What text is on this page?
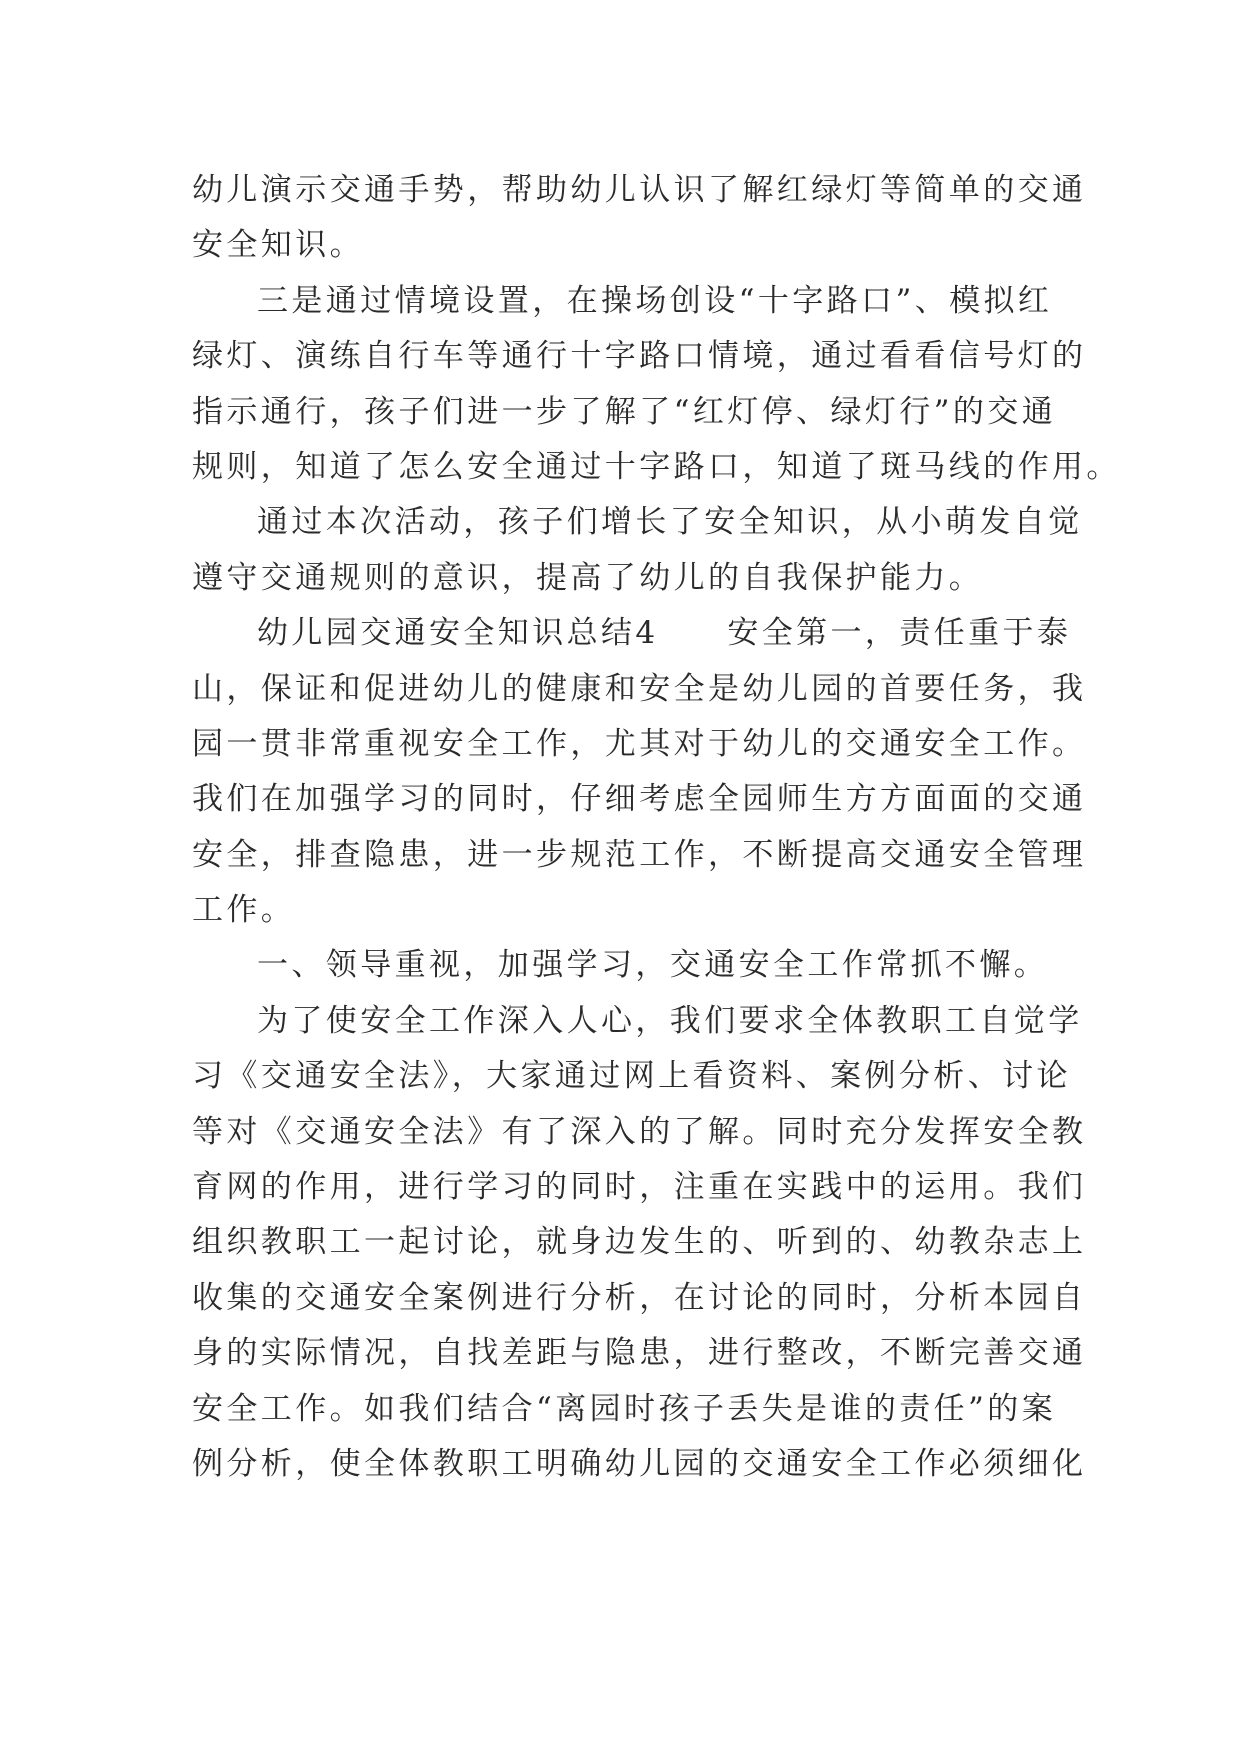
幼儿演示交通手势，帮助幼儿认识了解红绿灯等简单的交通
安全知识。
三是通过情境设置，在操场创设“十字路口”、模拟红
绿灯、演练自行车等通行十字路口情境，通过看看信号灯的
指示通行，孩子们进一步了解了“红灯停、绿灯行”的交通
规则，知道了怎么安全通过十字路口，知道了斑马线的作用。
通过本次活动，孩子们增长了安全知识，从小萌发自觉
遵守交通规则的意识，提高了幼儿的自我保护能力。
幼儿园交通安全知识总结4　　安全第一，责任重于泰
山，保证和促进幼儿的健康和安全是幼儿园的首要任务，我
园一贯非常重视安全工作，尤其对于幼儿的交通安全工作。
我们在加强学习的同时，仔细考虑全园师生方方面面的交通
安全，排查隐患，进一步规范工作，不断提高交通安全管理
工作。
一、领导重视，加强学习，交通安全工作常抓不懈。
为了使安全工作深入人心，我们要求全体教职工自觉学
习《交通安全法》，大家通过网上看资料、案例分析、讨论
等对《交通安全法》有了深入的了解。同时充分发挥安全教
育网的作用，进行学习的同时，注重在实践中的运用。我们
组织教职工一起讨论，就身边发生的、听到的、幼教杂志上
收集的交通安全案例进行分析，在讨论的同时，分析本园自
身的实际情况，自找差距与隐患，进行整改，不断完善交通
安全工作。如我们结合“离园时孩子丢失是谁的责任”的案
例分析，使全体教职工明确幼儿园的交通安全工作必须细化
